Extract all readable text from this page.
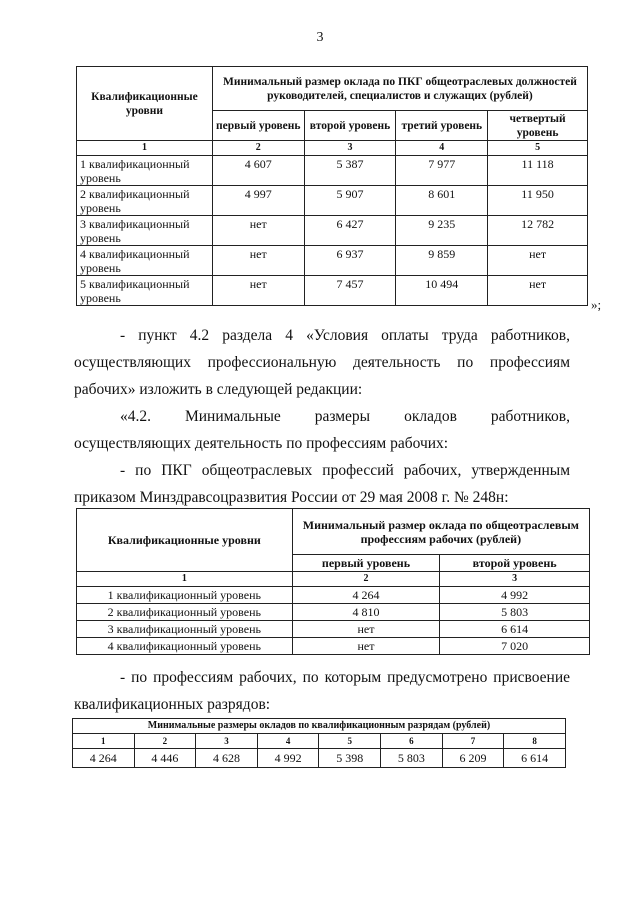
3
Квалификационные уровни	Минимальный размер оклада по ПКГ общеотраслевых должностей руководителей, специалистов и служащих (рублей)			
	первый уровень	второй уровень	третий уровень	четвертый уровень
1	2	3	4	5
1 квалификационный уровень	4 607	5 387	7 977	11 118
2 квалификационный уровень	4 997	5 907	8 601	11 950
3 квалификационный уровень	нет	6 427	9 235	12 782
4 квалификационный уровень	нет	6 937	9 859	нет
5 квалификационный уровень	нет	7 457	10 494	нет
»;
- пункт 4.2 раздела 4 «Условия оплаты труда работников, осуществляющих профессиональную деятельность по профессиям рабочих» изложить в следующей редакции:
«4.2. Минимальные размеры окладов работников, осуществляющих деятельность по профессиям рабочих:
- по ПКГ общеотраслевых профессий рабочих, утвержденным приказом Минздравсоцразвития России от 29 мая 2008 г. № 248н:
Квалификационные уровни	Минимальный размер оклада по общеотраслевым профессиям рабочих (рублей)	
	первый уровень	второй уровень
1	2	3
1 квалификационный уровень	4 264	4 992
2 квалификационный уровень	4 810	5 803
3 квалификационный уровень	нет	6 614
4 квалификационный уровень	нет	7 020
- по профессиям рабочих, по которым предусмотрено присвоение квалификационных разрядов:
Минимальные размеры окладов по квалификационным разрядам (рублей)							
1	2	3	4	5	6	7	8
4 264	4 446	4 628	4 992	5 398	5 803	6 209	6 614
